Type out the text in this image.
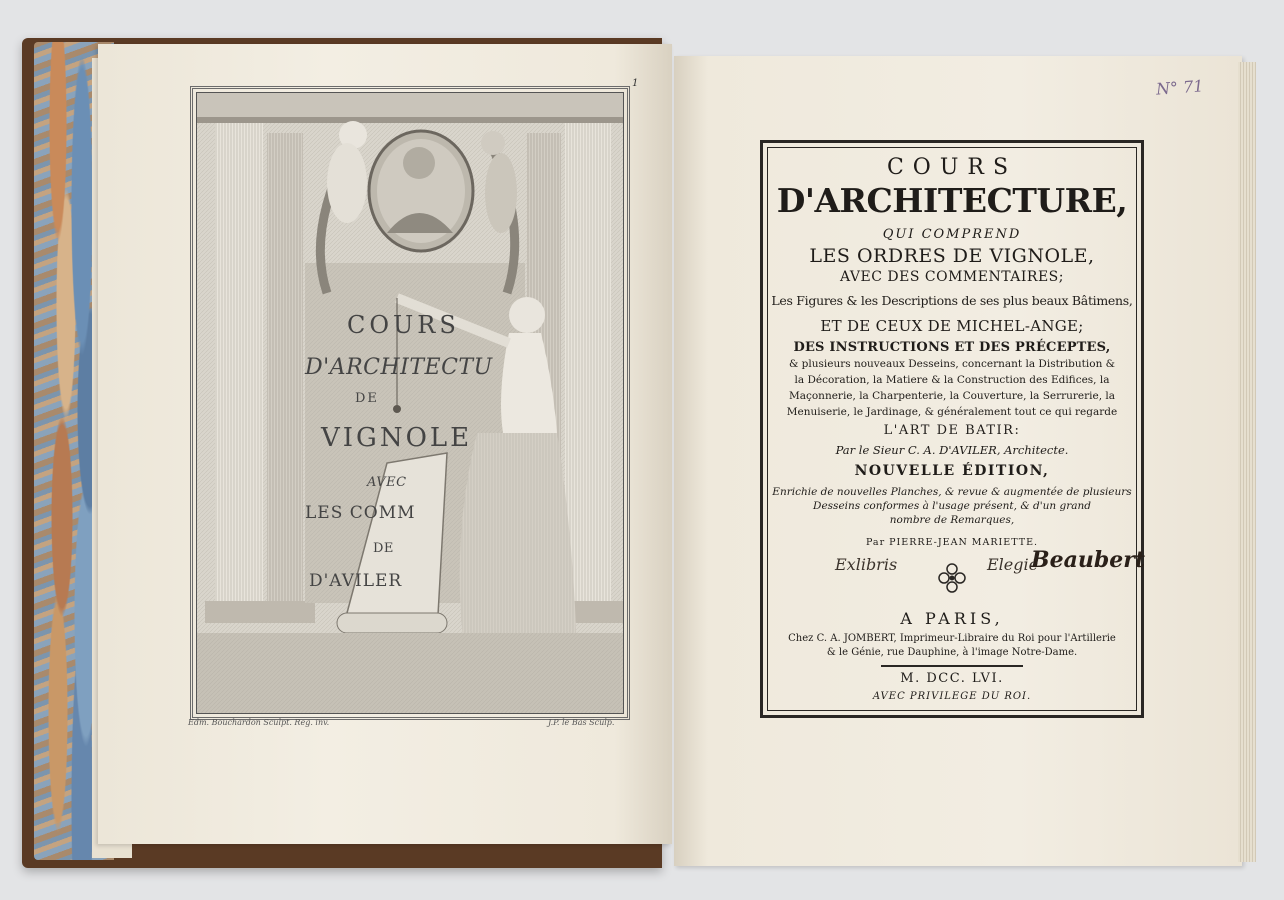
1
COURS
D'ARCHITECTU
DE
VIGNOLE
AVEC
LES COMM
DE
D'AVILER
Edm. Bouchardon Sculpt. Reg. inv.	J.P. le Bas Sculp.
N° 71
COURS
D'ARCHITECTURE,
QUI COMPREND
LES ORDRES DE VIGNOLE,
AVEC DES COMMENTAIRES;
Les Figures & les Descriptions de ses plus beaux Bâtimens,
ET DE CEUX DE MICHEL-ANGE;
DES INSTRUCTIONS ET DES PRÉCEPTES,
& plusieurs nouveaux Desseins, concernant la Distribution &
la Décoration, la Matiere & la Construction des Edifices, la
Maçonnerie, la Charpenterie, la Couverture, la Serrurerie, la
Menuiserie, le Jardinage, & généralement tout ce qui regarde
L'ART DE BATIR:
Par le Sieur C. A. D'AVILER, Architecte.
NOUVELLE ÉDITION,
Enrichie de nouvelles Planches, & revue & augmentée de plusieurs
Desseins conformes à l'usage présent, & d'un grand
nombre de Remarques,
Par PIERRE-JEAN MARIETTE.
Exlibris	Elegié
Beaubert
A PARIS,
Chez C. A. JOMBERT, Imprimeur-Libraire du Roi pour l'Artillerie
& le Génie, rue Dauphine, à l'image Notre-Dame.
M. DCC. LVI.
AVEC PRIVILEGE DU ROI.
